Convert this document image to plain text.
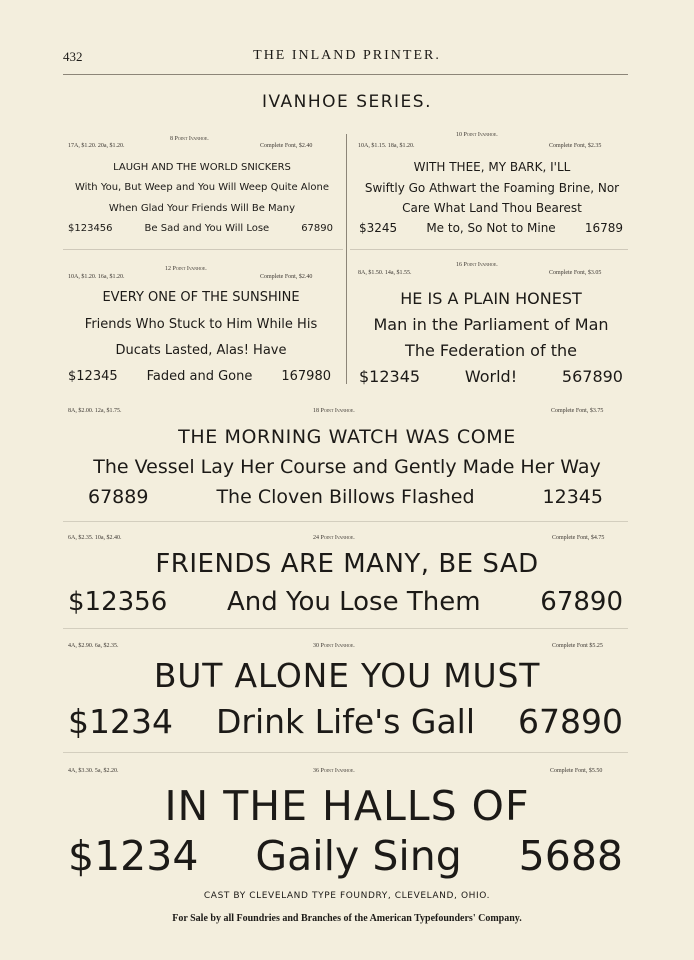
432	THE INLAND PRINTER.
IVANHOE SERIES.
17A, $1.20. 20a, $1.20.
8 Point Ivanhoe.
Complete Font, $2.40
LAUGH AND THE WORLD SNICKERS
With You, But Weep and You Will Weep Quite Alone
When Glad Your Friends Will Be Many
$123456	Be Sad and You Will Lose	67890
10A, $1.15. 18a, $1.20.
10 Point Ivanhoe.
Complete Font, $2.35
WITH THEE, MY BARK, I'LL
Swiftly Go Athwart the Foaming Brine, Nor
Care What Land Thou Bearest
$3245 Me to, So Not to Mine 16789
10A, $1.20. 16a, $1.20.
12 Point Ivanhoe.
Complete Font, $2.40
EVERY ONE OF THE SUNSHINE
Friends Who Stuck to Him While His
Ducats Lasted, Alas! Have
$12345 Faded and Gone 167980
8A, $1.50. 14a, $1.55.
16 Point Ivanhoe.
Complete Font, $3.05
HE IS A PLAIN HONEST
Man in the Parliament of Man
The Federation of the
$12345	World!	567890
8A, $2.00. 12a, $1.75.	18 Point Ivanhoe.	Complete Font, $3.75
THE MORNING WATCH WAS COME
The Vessel Lay Her Course and Gently Made Her Way
67889	The Cloven Billows Flashed	12345
6A, $2.35. 10a, $2.40.	24 Point Ivanhoe.	Complete Font, $4.75
FRIENDS ARE MANY, BE SAD
$12356 And You Lose Them 67890
4A, $2.90. 6a, $2.35.	30 Point Ivanhoe.	Complete Font $5.25
BUT ALONE YOU MUST
$1234 Drink Life's Gall 67890
4A, $3.30. 5a, $2.20.	36 Point Ivanhoe.	Complete Font, $5.50
IN THE HALLS OF
$1234 Gaily Sing 5688
CAST BY CLEVELAND TYPE FOUNDRY, CLEVELAND, OHIO.
For Sale by all Foundries and Branches of the American Typefounders' Company.
